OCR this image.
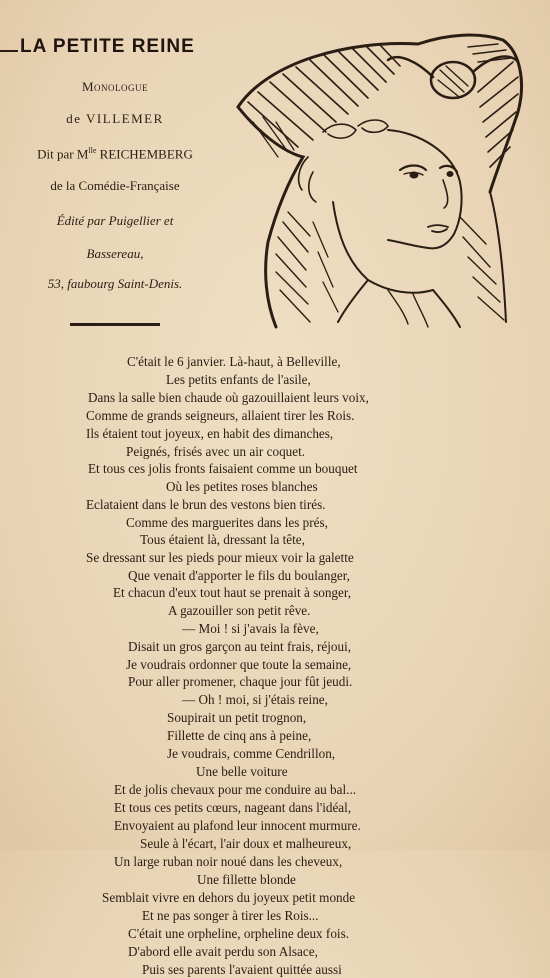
LA PETITE REINE
Monologue
de VILLEMER
Dit par $M^{lle}$ REICHEMBERG
de la Comédie-Française
Édité par Puigellier et
Bassereau,
53, faubourg Saint-Denis.
C'était le 6 janvier. Là-haut, à Belleville,
Les petits enfants de l'asile,
Dans la salle bien chaude où gazouillaient leurs voix,
Comme de grands seigneurs, allaient tirer les Rois.
Ils étaient tout joyeux, en habit des dimanches,
Peignés, frisés avec un air coquet.
Et tous ces jolis fronts faisaient comme un bouquet
Où les petites roses blanches
Eclataient dans le brun des vestons bien tirés.
Comme des marguerites dans les prés,
Tous étaient là, dressant la tête,
Se dressant sur les pieds pour mieux voir la galette
Que venait d'apporter le fils du boulanger,
Et chacun d'eux tout haut se prenait à songer,
A gazouiller son petit rêve.
— Moi ! si j'avais la fève,
Disait un gros garçon au teint frais, réjoui,
Je voudrais ordonner que toute la semaine,
Pour aller promener, chaque jour fût jeudi.
— Oh ! moi, si j'étais reine,
Soupirait un petit trognon,
Fillette de cinq ans à peine,
Je voudrais, comme Cendrillon,
Une belle voiture
Et de jolis chevaux pour me conduire au bal...
Et tous ces petits cœurs, nageant dans l'idéal,
Envoyaient au plafond leur innocent murmure.
Seule à l'écart, l'air doux et malheureux,
Un large ruban noir noué dans les cheveux,
Une fillette blonde
Semblait vivre en dehors du joyeux petit monde
Et ne pas songer à tirer les Rois...
C'était une orpheline, orpheline deux fois.
D'abord elle avait perdu son Alsace,
Puis ses parents l'avaient quittée aussi
